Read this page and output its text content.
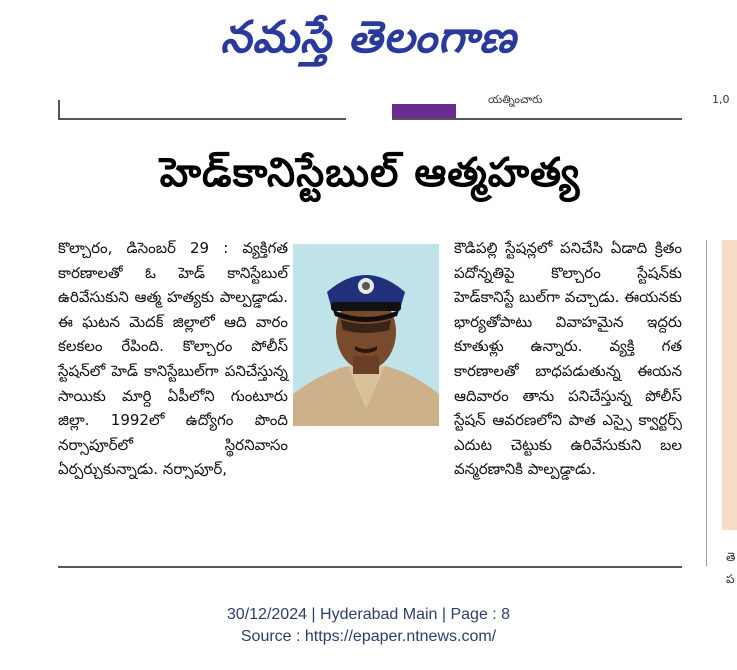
నమస్తే తెలంగాణ
యత్నించారు	1,0
హెడ్‌కానిస్టేబుల్ ఆత్మహత్య

కొల్చారం, డిసెంబర్ 29 : వ్యక్తిగత కారణాలతో ఓ హెడ్ కానిస్టేబుల్ ఉరివేసుకుని ఆత్మ హత్యకు పాల్పడ్డాడు. ఈ ఘటన మెదక్ జిల్లాలో ఆది వారం కలకలం రేపింది. కొల్చారం పోలీస్ స్టేషన్‌లో హెడ్ కానిస్టేబుల్‌గా పనిచేస్తున్న సాయికు మార్ది ఏపీలోని గుంటూరు జిల్లా. 1992లో ఉద్యోగం పొంది నర్సాపూర్‌లో స్థిరనివాసం ఏర్పర్చుకున్నాడు. నర్సాపూర్,

కౌడిపల్లి స్టేషన్లలో పనిచేసి ఏడాది క్రితం పదోన్నతిపై కొల్చారం స్టేషన్‌కు హెడ్‌కానిస్టే బుల్‌గా వచ్చాడు. ఈయనకు భార్యతోపాటు వివాహమైన ఇద్దరు కూతుళ్లు ఉన్నారు. వ్యక్తి గత కారణాలతో బాధపడుతున్న ఈయన ఆదివారం తాను పనిచేస్తున్న పోలీస్ స్టేషన్ ఆవరణలోని పాత ఎస్సై క్వార్టర్స్ ఎదుట చెట్టుకు ఉరివేసుకుని బల వన్మరణానికి పాల్పడ్డాడు.

తె
ప
30/12/2024 | Hyderabad Main | Page : 8
Source : https://epaper.ntnews.com/
